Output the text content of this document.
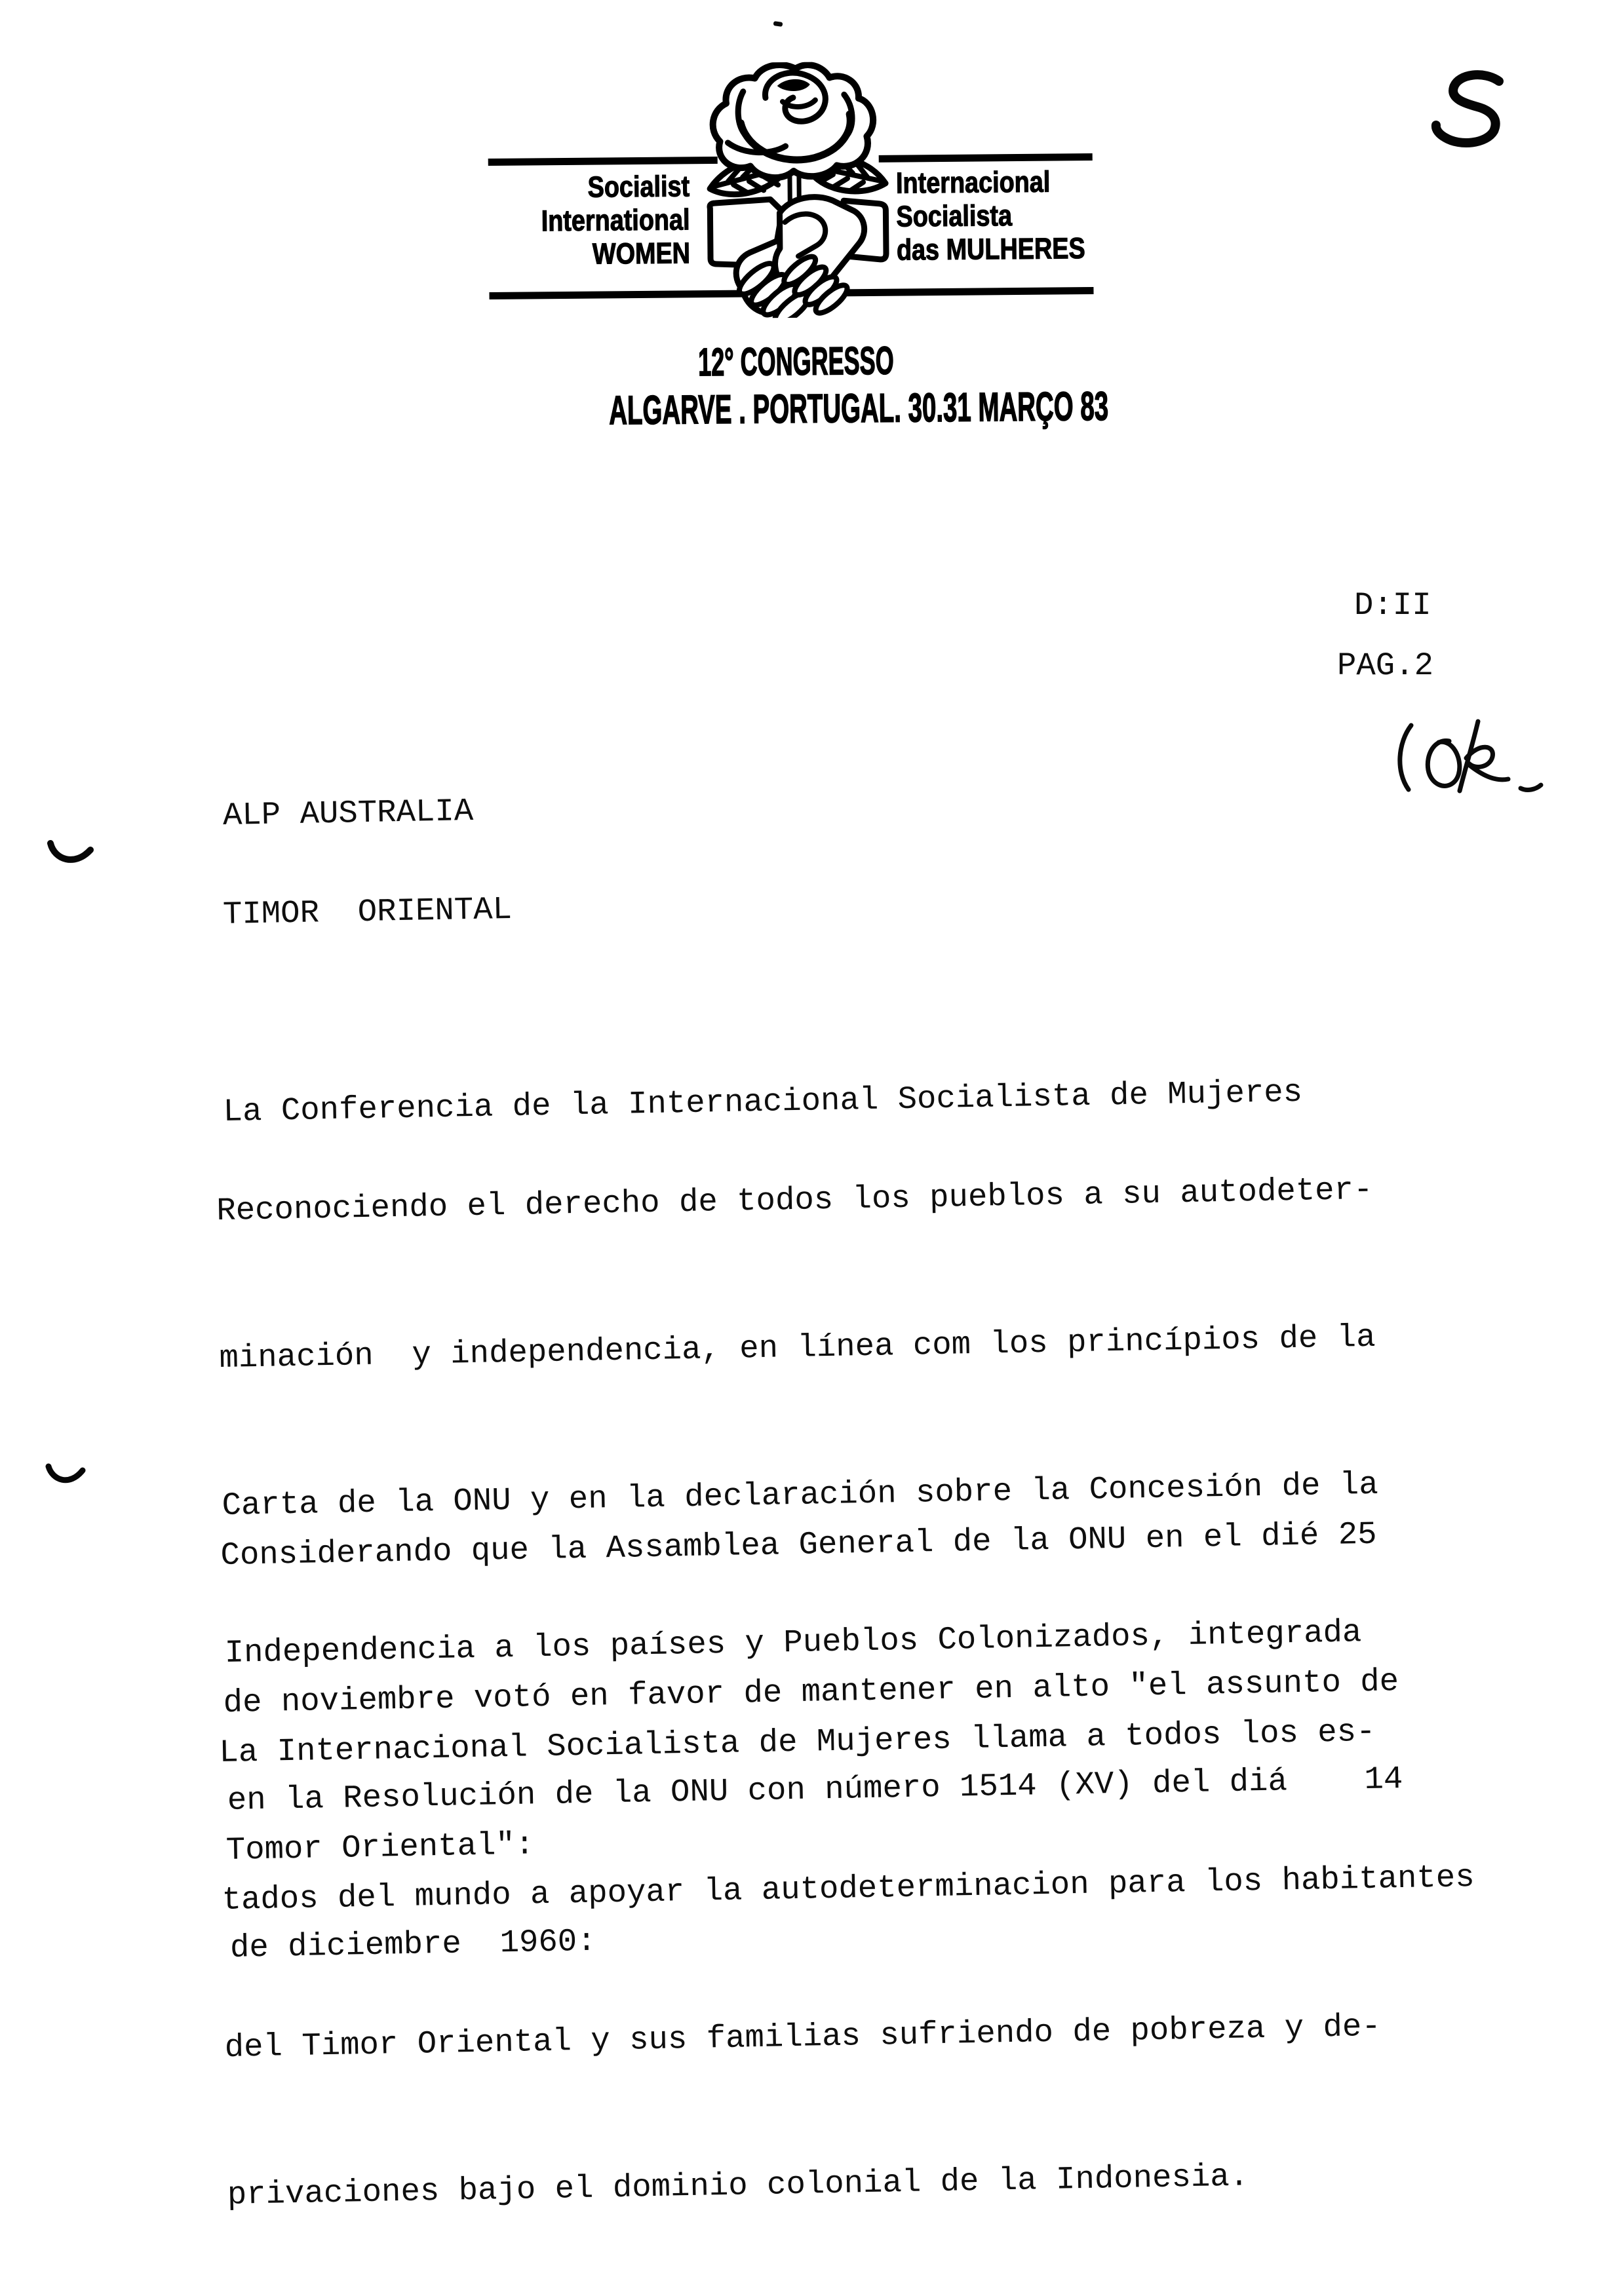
Socialist
International
WOMEN
Internacional
Socialista
das MULHERES
12° CONGRESSO
ALGARVE . PORTUGAL. 30.31 MARÇO 83
D:II
PAG.2
ALP AUSTRALIA
TIMOR  ORIENTAL

La Conferencia de la Internacional Socialista de Mujeres

Reconociendo el derecho de todos los pueblos a su autodeter-

minación  y independencia, en línea com los princípios de la

Carta de la ONU y en la declaración sobre la Concesión de la

Independencia a los países y Pueblos Colonizados, integrada

en la Resolución de la ONU con número 1514 (XV) del diá    14

de diciembre  1960:

Considerando que la Assamblea General de la ONU en el dié 25

de noviembre votó en favor de mantener en alto "el assunto de

Tomor Oriental":

La Internacional Socialista de Mujeres llama a todos los es-

tados del mundo a apoyar la autodeterminacion para los habitantes

del Timor Oriental y sus familias sufriendo de pobreza y de-

privaciones bajo el dominio colonial de la Indonesia.
